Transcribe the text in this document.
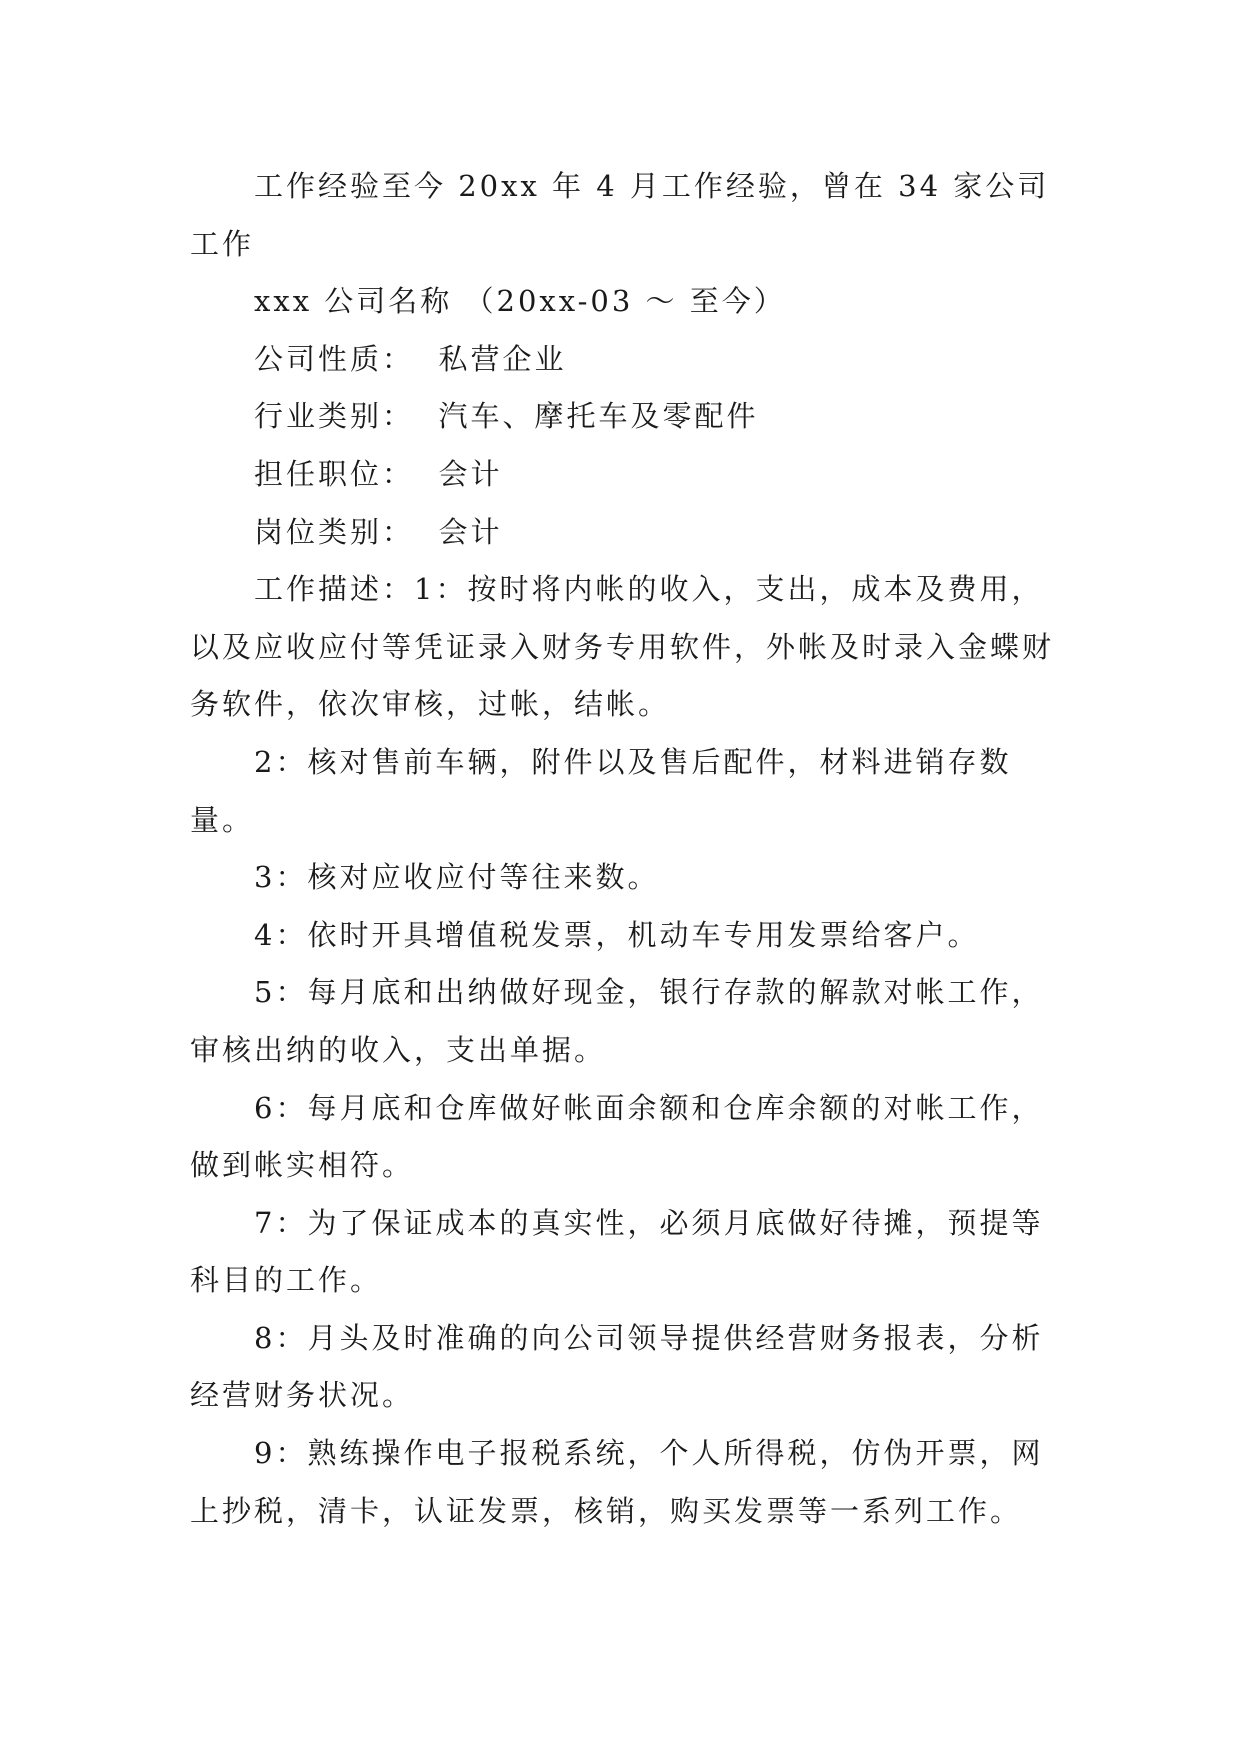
工作经验至今 20xx 年 4 月工作经验，曾在 34 家公司工作

xxx 公司名称 （20xx-03 ～ 至今）

公司性质： 私营企业

行业类别： 汽车、摩托车及零配件

担任职位： 会计

岗位类别： 会计

工作描述：1：按时将内帐的收入，支出，成本及费用，以及应收应付等凭证录入财务专用软件，外帐及时录入金蝶财务软件，依次审核，过帐，结帐。

2：核对售前车辆，附件以及售后配件，材料进销存数量。

3：核对应收应付等往来数。

4：依时开具增值税发票，机动车专用发票给客户。

5：每月底和出纳做好现金，银行存款的解款对帐工作，审核出纳的收入，支出单据。

6：每月底和仓库做好帐面余额和仓库余额的对帐工作，做到帐实相符。

7：为了保证成本的真实性，必须月底做好待摊，预提等科目的工作。

8：月头及时准确的向公司领导提供经营财务报表，分析经营财务状况。

9：熟练操作电子报税系统，个人所得税，仿伪开票，网上抄税，清卡，认证发票，核销，购买发票等一系列工作。
